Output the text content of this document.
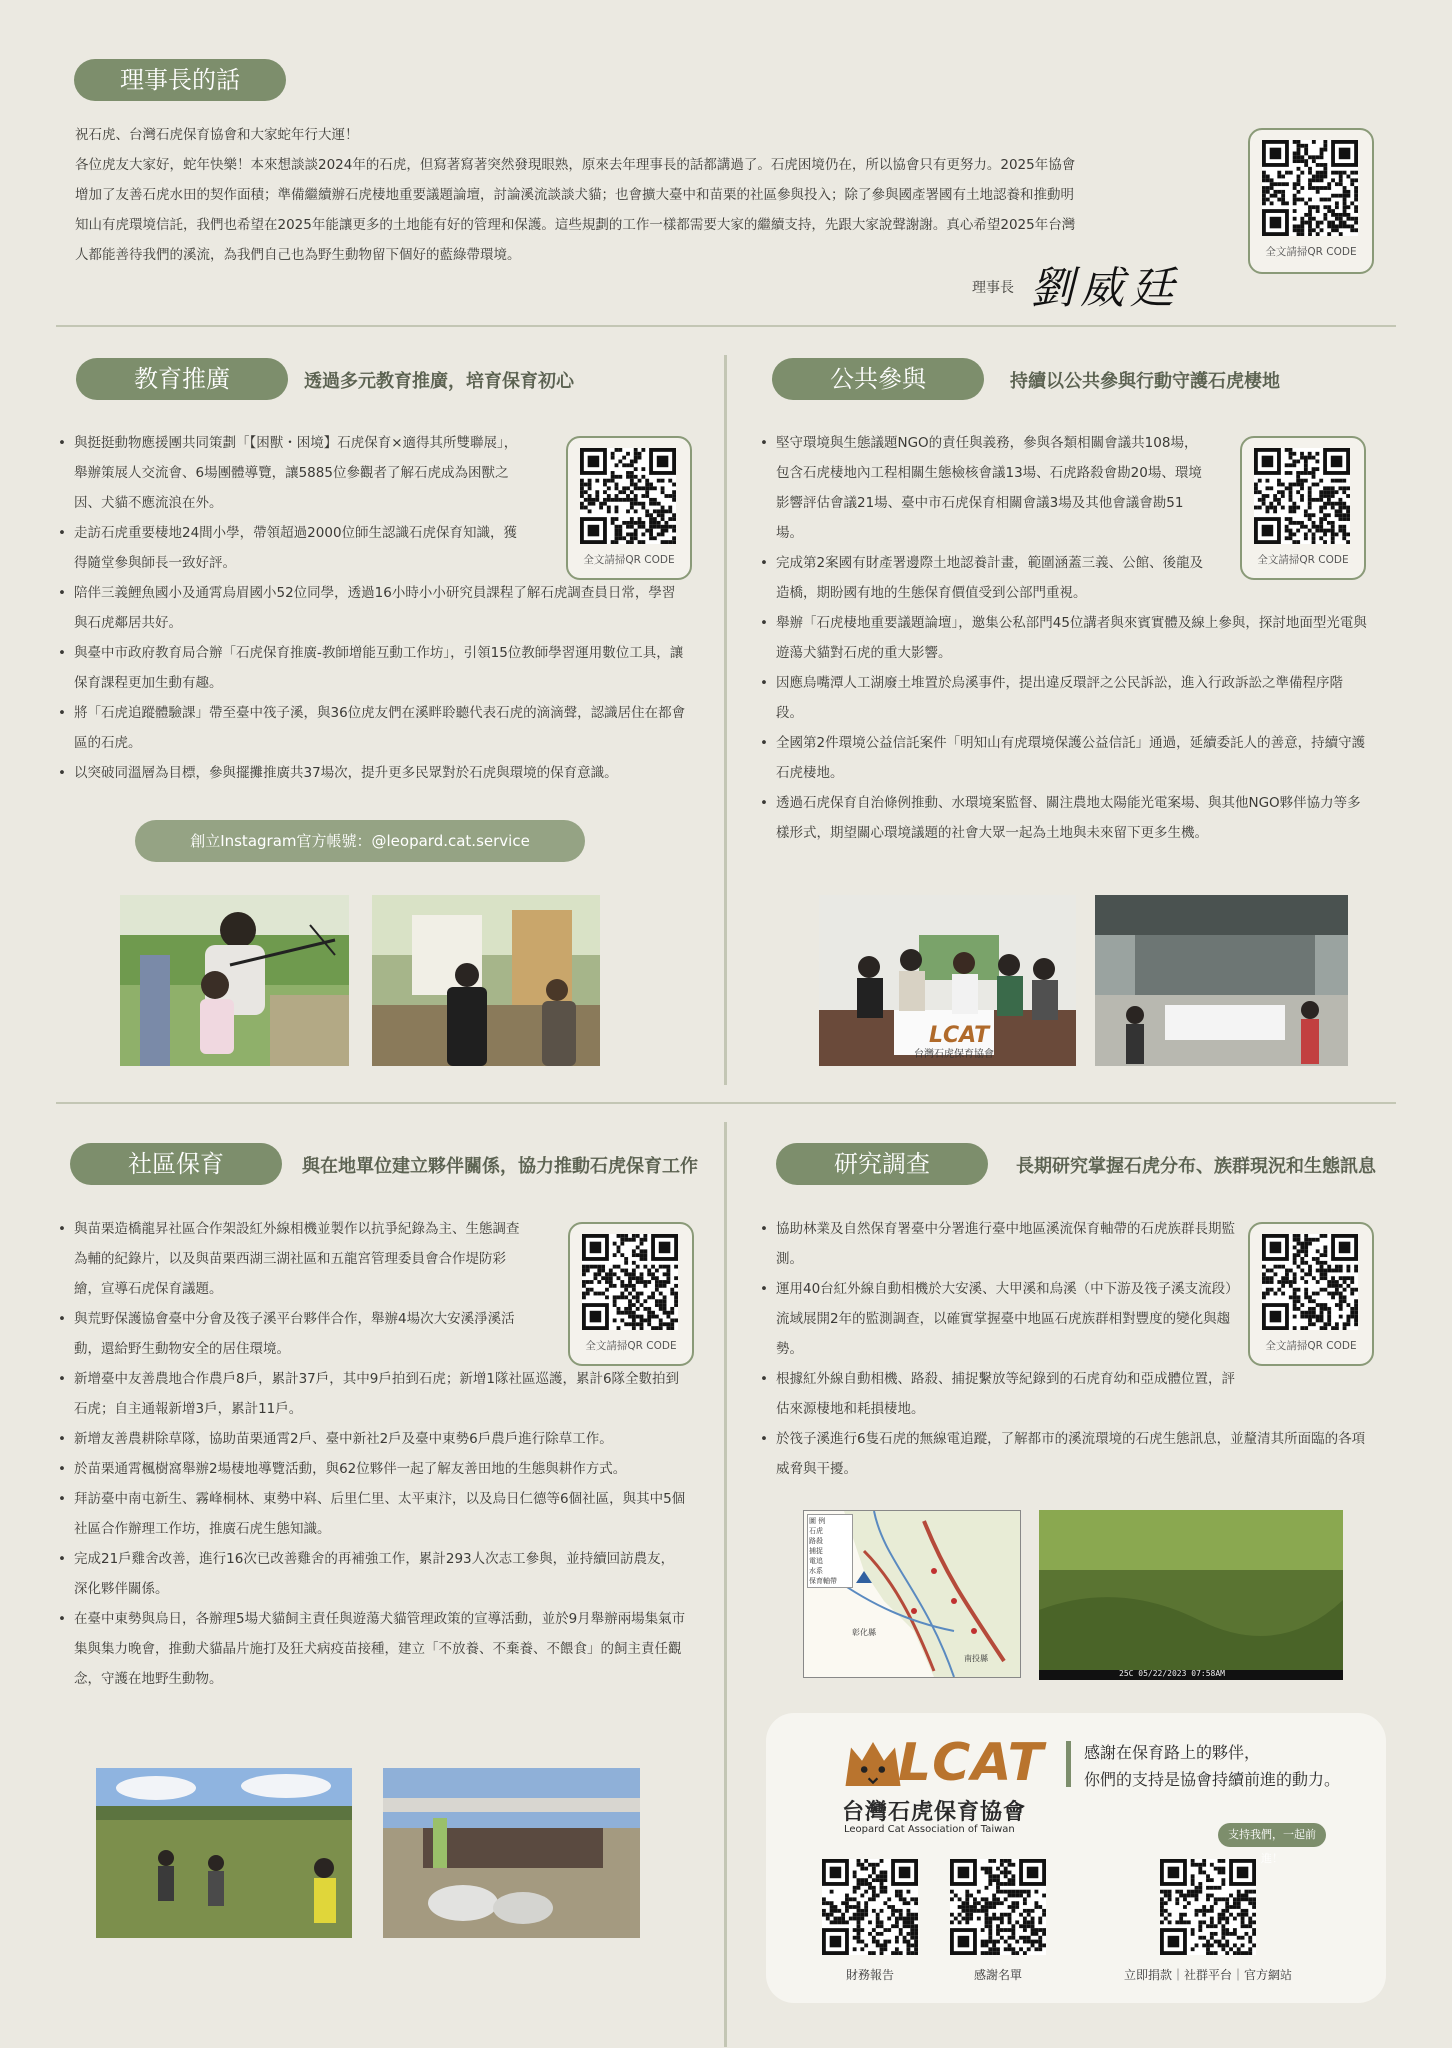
理事長的話
祝石虎、台灣石虎保育協會和大家蛇年行大運！
各位虎友大家好，蛇年快樂！本來想談談2024年的石虎，但寫著寫著突然發現眼熟，原來去年理事長的話都講過了。石虎困境仍在，所以協會只有更努力。2025年協會
增加了友善石虎水田的契作面積；準備繼續辦石虎棲地重要議題論壇，討論溪流談談犬貓；也會擴大臺中和苗栗的社區參與投入；除了參與國產署國有土地認養和推動明
知山有虎環境信託，我們也希望在2025年能讓更多的土地能有好的管理和保護。這些規劃的工作一樣都需要大家的繼續支持，先跟大家說聲謝謝。真心希望2025年台灣
人都能善待我們的溪流，為我們自己也為野生動物留下個好的藍綠帶環境。
理事長 劉威廷
全文請掃QR CODE
教育推廣	透過多元教育推廣，培育保育初心
• 與挺挺動物應援團共同策劃「【困獸・困境】石虎保育×適得其所雙聯展」，舉辦策展人交流會、6場團體導覽，讓5885位參觀者了解石虎成為困獸之因、犬貓不應流浪在外。
• 走訪石虎重要棲地24間小學，帶領超過2000位師生認識石虎保育知識，獲得隨堂參與師長一致好評。
• 陪伴三義鯉魚國小及通霄烏眉國小52位同學，透過16小時小小研究員課程了解石虎調查員日常，學習與石虎鄰居共好。
• 與臺中市政府教育局合辦「石虎保育推廣-教師增能互動工作坊」，引領15位教師學習運用數位工具，讓保育課程更加生動有趣。
• 將「石虎追蹤體驗課」帶至臺中筏子溪，與36位虎友們在溪畔聆聽代表石虎的滴滴聲，認識居住在都會區的石虎。
• 以突破同溫層為目標，參與擺攤推廣共37場次，提升更多民眾對於石虎與環境的保育意識。
全文請掃QR CODE
創立Instagram官方帳號：@leopard.cat.service
公共參與	持續以公共參與行動守護石虎棲地
• 堅守環境與生態議題NGO的責任與義務，參與各類相關會議共108場，包含石虎棲地內工程相關生態檢核會議13場、石虎路殺會勘20場、環境影響評估會議21場、臺中市石虎保育相關會議3場及其他會議會勘51場。
• 完成第2案國有財產署邊際土地認養計畫，範圍涵蓋三義、公館、後龍及造橋，期盼國有地的生態保育價值受到公部門重視。
• 舉辦「石虎棲地重要議題論壇」，邀集公私部門45位講者與來賓實體及線上參與，探討地面型光電與遊蕩犬貓對石虎的重大影響。
• 因應烏嘴潭人工湖廢土堆置於烏溪事件，提出違反環評之公民訴訟，進入行政訴訟之準備程序階段。
• 全國第2件環境公益信託案件「明知山有虎環境保護公益信託」通過，延續委託人的善意，持續守護石虎棲地。
• 透過石虎保育自治條例推動、水環境案監督、關注農地太陽能光電案場、與其他NGO夥伴協力等多樣形式，期望關心環境議題的社會大眾一起為土地與未來留下更多生機。
全文請掃QR CODE
LCAT
台灣石虎保育協會
社區保育	與在地單位建立夥伴關係，協力推動石虎保育工作
• 與苗栗造橋龍昇社區合作架設紅外線相機並製作以抗爭紀錄為主、生態調查為輔的紀錄片，以及與苗栗西湖三湖社區和五龍宮管理委員會合作堤防彩繪，宣導石虎保育議題。
• 與荒野保護協會臺中分會及筏子溪平台夥伴合作，舉辦4場次大安溪淨溪活動，還給野生動物安全的居住環境。
• 新增臺中友善農地合作農戶8戶，累計37戶，其中9戶拍到石虎；新增1隊社區巡護，累計6隊全數拍到石虎；自主通報新增3戶，累計11戶。
• 新增友善農耕除草隊，協助苗栗通霄2戶、臺中新社2戶及臺中東勢6戶農戶進行除草工作。
• 於苗栗通霄楓樹窩舉辦2場棲地導覽活動，與62位夥伴一起了解友善田地的生態與耕作方式。
• 拜訪臺中南屯新生、霧峰桐林、東勢中嵙、后里仁里、太平東汴，以及烏日仁德等6個社區，與其中5個社區合作辦理工作坊，推廣石虎生態知識。
• 完成21戶雞舍改善，進行16次已改善雞舍的再補強工作，累計293人次志工參與，並持續回訪農友，深化夥伴關係。
• 在臺中東勢與烏日，各辦理5場犬貓飼主責任與遊蕩犬貓管理政策的宣導活動，並於9月舉辦兩場集氣市集與集力晚會，推動犬貓晶片施打及狂犬病疫苗接種，建立「不放養、不棄養、不餵食」的飼主責任觀念，守護在地野生動物。
全文請掃QR CODE
研究調查	長期研究掌握石虎分布、族群現況和生態訊息
• 協助林業及自然保育署臺中分署進行臺中地區溪流保育軸帶的石虎族群長期監測。
• 運用40台紅外線自動相機於大安溪、大甲溪和烏溪（中下游及筏子溪支流段）流域展開2年的監測調查，以確實掌握臺中地區石虎族群相對豐度的變化與趨勢。
• 根據紅外線自動相機、路殺、捕捉繫放等紀錄到的石虎育幼和亞成體位置，評估來源棲地和耗損棲地。
• 於筏子溪進行6隻石虎的無線電追蹤，了解都市的溪流環境的石虎生態訊息，並釐清其所面臨的各項威脅與干擾。
全文請掃QR CODE
圖 例
石虎
路殺
捕捉
電追
水系
保育軸帶
彰化縣
南投縣
25C 05/22/2023 07:58AM
LCAT
台灣石虎保育協會
Leopard Cat Association of Taiwan
感謝在保育路上的夥伴，
你們的支持是協會持續前進的動力。
支持我們，一起前進！
財務報告	感謝名單	立即捐款｜社群平台｜官方網站
